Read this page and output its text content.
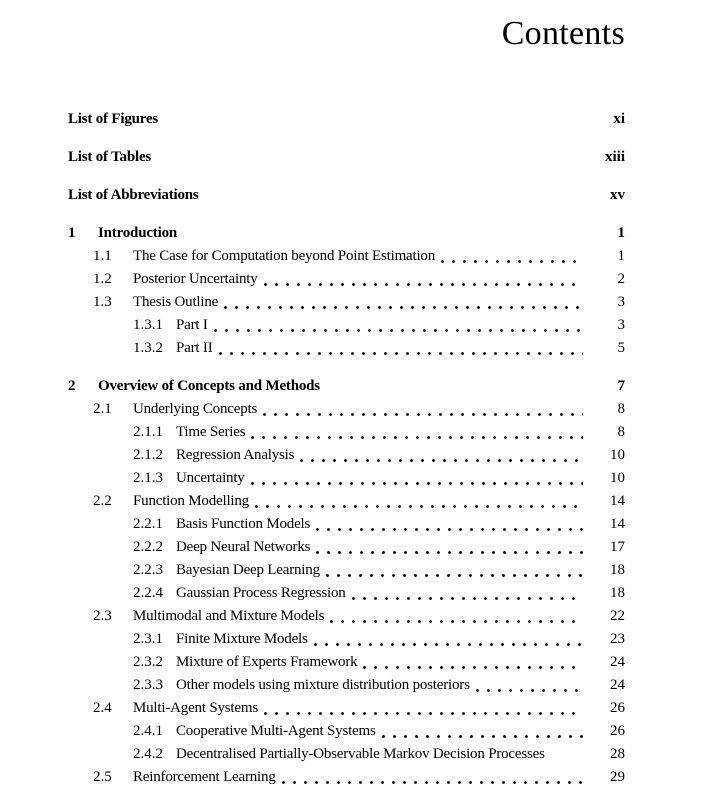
Contents
List of Figures	xi
List of Tables	xiii
List of Abbreviations	xv
1	Introduction	1
1.1	The Case for Computation beyond Point Estimation	1
1.2	Posterior Uncertainty	2
1.3	Thesis Outline	3
1.3.1 Part I	3
1.3.2 Part II	5
2	Overview of Concepts and Methods	7
2.1	Underlying Concepts	8
2.1.1 Time Series	8
2.1.2 Regression Analysis	10
2.1.3 Uncertainty	10
2.2	Function Modelling	14
2.2.1 Basis Function Models	14
2.2.2 Deep Neural Networks	17
2.2.3 Bayesian Deep Learning	18
2.2.4 Gaussian Process Regression	18
2.3	Multimodal and Mixture Models	22
2.3.1 Finite Mixture Models	23
2.3.2 Mixture of Experts Framework	24
2.3.3 Other models using mixture distribution posteriors	24
2.4	Multi-Agent Systems	26
2.4.1 Cooperative Multi-Agent Systems	26
2.4.2 Decentralised Partially-Observable Markov Decision Processes	28
2.5	Reinforcement Learning	29
